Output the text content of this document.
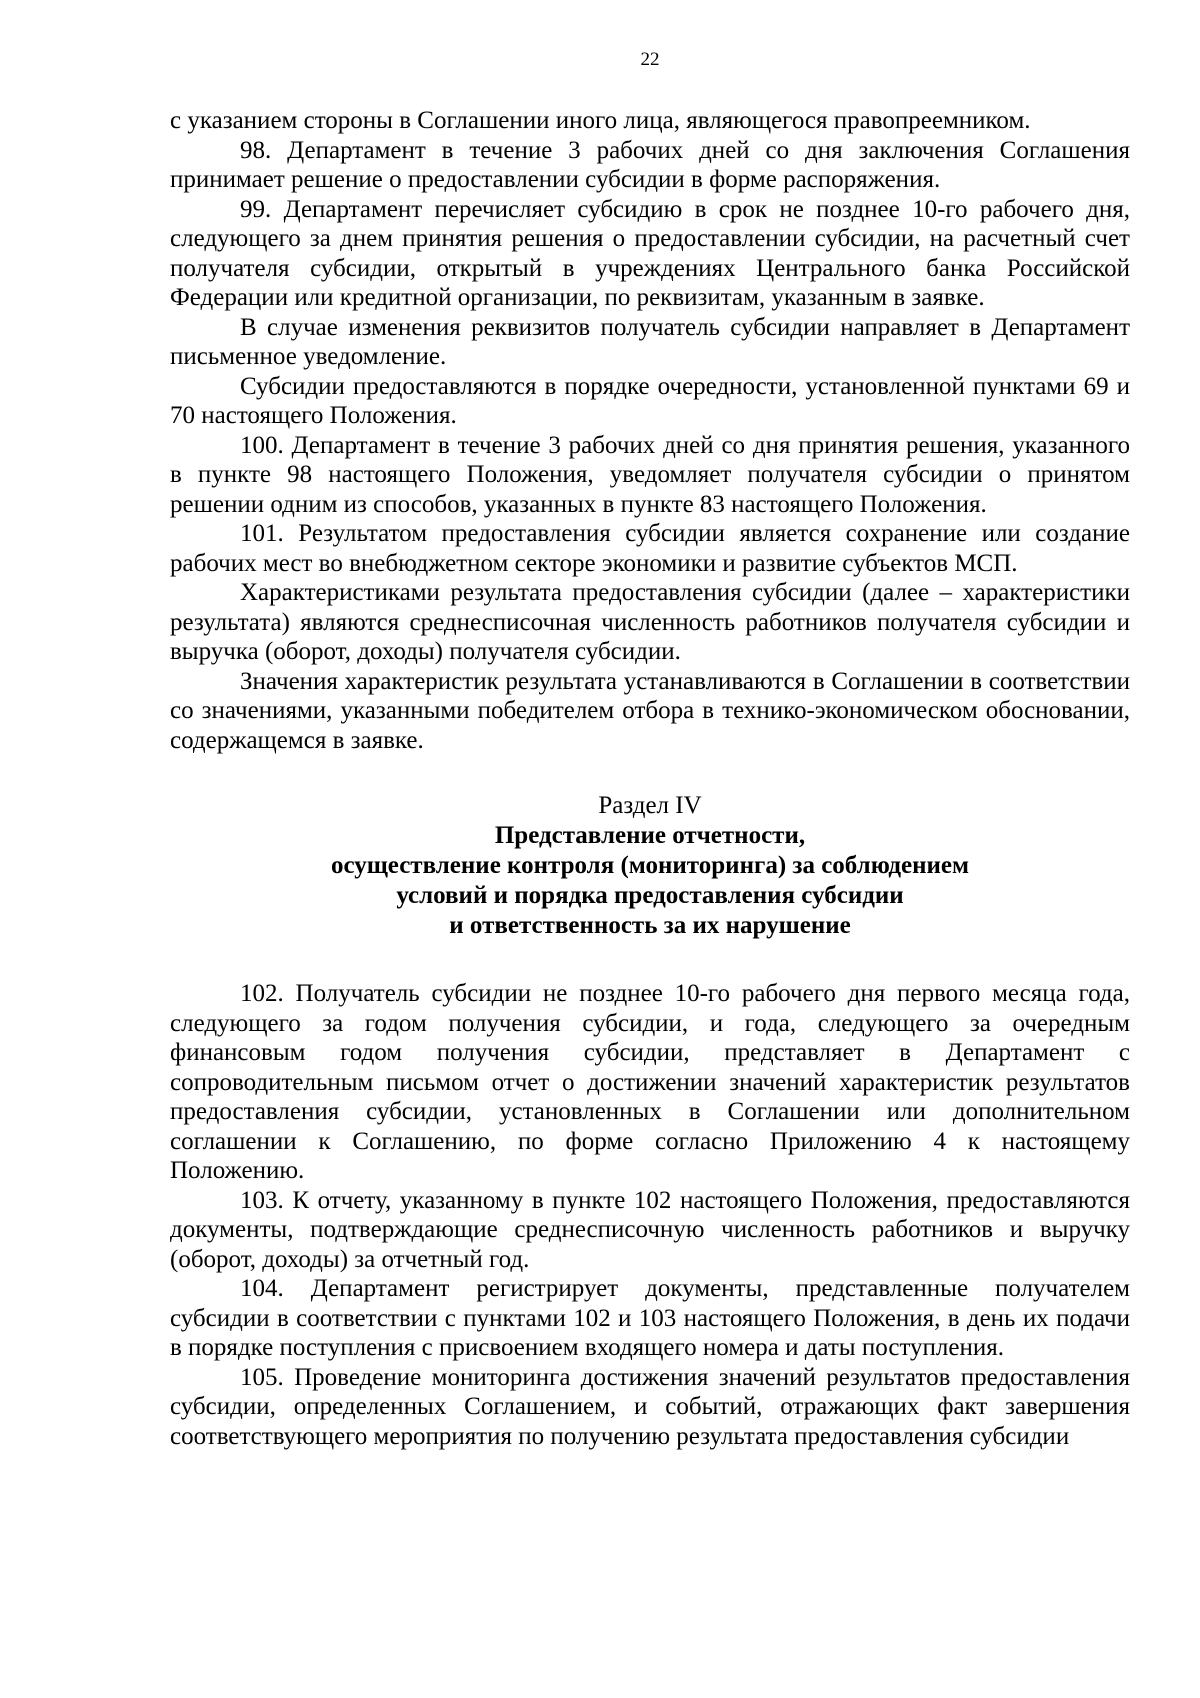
22

с указанием стороны в Соглашении иного лица, являющегося правопреемником.

98. Департамент в течение 3 рабочих дней со дня заключения Соглашения принимает решение о предоставлении субсидии в форме распоряжения.

99. Департамент перечисляет субсидию в срок не позднее 10-го рабочего дня, следующего за днем принятия решения о предоставлении субсидии, на расчетный счет получателя субсидии, открытый в учреждениях Центрального банка Российской Федерации или кредитной организации, по реквизитам, указанным в заявке.

В случае изменения реквизитов получатель субсидии направляет в Департамент письменное уведомление.

Субсидии предоставляются в порядке очередности, установленной пунктами 69 и 70 настоящего Положения.

100. Департамент в течение 3 рабочих дней со дня принятия решения, указанного в пункте 98 настоящего Положения, уведомляет получателя субсидии о принятом решении одним из способов, указанных в пункте 83 настоящего Положения.

101. Результатом предоставления субсидии является сохранение или создание рабочих мест во внебюджетном секторе экономики и развитие субъектов МСП.

Характеристиками результата предоставления субсидии (далее – характеристики результата) являются среднесписочная численность работников получателя субсидии и выручка (оборот, доходы) получателя субсидии.

Значения характеристик результата устанавливаются в Соглашении в соответствии со значениями, указанными победителем отбора в технико-экономическом обосновании, содержащемся в заявке.

Раздел IV
Представление отчетности,
осуществление контроля (мониторинга) за соблюдением
условий и порядка предоставления субсидии
и ответственность за их нарушение

102. Получатель субсидии не позднее 10-го рабочего дня первого месяца года, следующего за годом получения субсидии, и года, следующего за очередным финансовым годом получения субсидии, представляет в Департамент с сопроводительным письмом отчет о достижении значений характеристик результатов предоставления субсидии, установленных в Соглашении или дополнительном соглашении к Соглашению, по форме согласно Приложению 4 к настоящему Положению.

103. К отчету, указанному в пункте 102 настоящего Положения, предоставляются документы, подтверждающие среднесписочную численность работников и выручку (оборот, доходы) за отчетный год.

104. Департамент регистрирует документы, представленные получателем субсидии в соответствии с пунктами 102 и 103 настоящего Положения, в день их подачи в порядке поступления с присвоением входящего номера и даты поступления.

105. Проведение мониторинга достижения значений результатов предоставления субсидии, определенных Соглашением, и событий, отражающих факт завершения соответствующего мероприятия по получению результата предоставления субсидии
